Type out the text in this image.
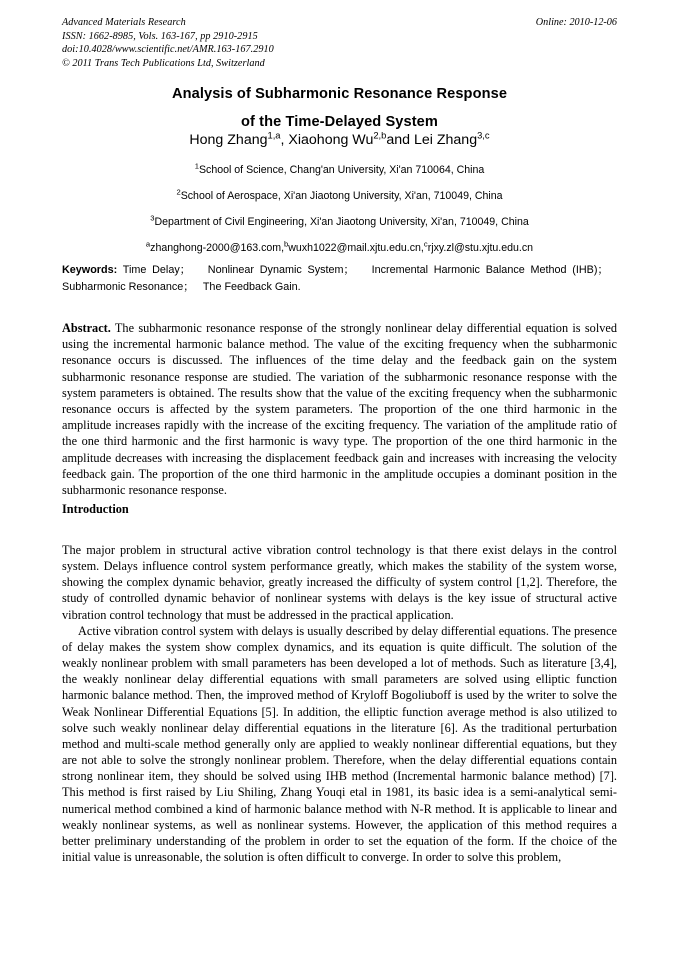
Advanced Materials Research	Online: 2010-12-06
ISSN: 1662-8985, Vols. 163-167, pp 2910-2915
doi:10.4028/www.scientific.net/AMR.163-167.2910
© 2011 Trans Tech Publications Ltd, Switzerland
Analysis of Subharmonic Resonance Response
of the Time-Delayed System
Hong Zhang$^{1,a}$, Xiaohong Wu$^{2,b}$and Lei Zhang$^{3,c}$
$^1$School of Science, Chang'an University, Xi'an 710064, China
$^2$School of Aerospace, Xi'an Jiaotong University, Xi'an, 710049, China
$^3$Department of Civil Engineering, Xi'an Jiaotong University, Xi'an, 710049, China
$^a$zhanghong-2000@163.com,$^b$wuxh1022@mail.xjtu.edu.cn,$^c$rjxy.zl@stu.xjtu.edu.cn
Keywords: Time Delay；   Nonlinear Dynamic System；   Incremental Harmonic Balance Method (IHB)；   Subharmonic Resonance；   The Feedback Gain.
Abstract. The subharmonic resonance response of the strongly nonlinear delay differential equation is solved using the incremental harmonic balance method. The value of the exciting frequency when the subharmonic resonance occurs is discussed. The influences of the time delay and the feedback gain on the system subharmonic resonance response are studied. The variation of the subharmonic resonance response with the system parameters is obtained. The results show that the value of the exciting frequency when the subharmonic resonance occurs is affected by the system parameters. The proportion of the one third harmonic in the amplitude increases rapidly with the increase of the exciting frequency. The variation of the amplitude ratio of the one third harmonic and the first harmonic is wavy type. The proportion of the one third harmonic in the amplitude decreases with increasing the displacement feedback gain and increases with increasing the velocity feedback gain. The proportion of the one third harmonic in the amplitude occupies a dominant position in the subharmonic resonance response.
Introduction

The major problem in structural active vibration control technology is that there exist delays in the control system. Delays influence control system performance greatly, which makes the stability of the system worse, showing the complex dynamic behavior, greatly increased the difficulty of system control [1,2]. Therefore, the study of controlled dynamic behavior of nonlinear systems with delays is the key issue of structural active vibration control technology that must be addressed in the practical application.

Active vibration control system with delays is usually described by delay differential equations. The presence of delay makes the system show complex dynamics, and its equation is quite difficult. The solution of the weakly nonlinear problem with small parameters has been developed a lot of methods. Such as literature [3,4], the weakly nonlinear delay differential equations with small parameters are solved using elliptic function harmonic balance method. Then, the improved method of Kryloff Bogoliuboff is used by the writer to solve the Weak Nonlinear Differential Equations [5]. In addition, the elliptic function average method is also utilized to solve such weakly nonlinear delay differential equations in the literature [6]. As the traditional perturbation method and multi-scale method generally only are applied to weakly nonlinear differential equations, but they are not able to solve the strongly nonlinear problem. Therefore, when the delay differential equations contain strong nonlinear item, they should be solved using IHB method (Incremental harmonic balance method) [7]. This method is first raised by Liu Shiling, Zhang Youqi etal in 1981, its basic idea is a semi-analytical semi-numerical method combined a kind of harmonic balance method with N-R method. It is applicable to linear and weakly nonlinear systems, as well as nonlinear systems. However, the application of this method requires a better preliminary understanding of the problem in order to set the equation of the form. If the choice of the initial value is unreasonable, the solution is often difficult to converge. In order to solve this problem,
